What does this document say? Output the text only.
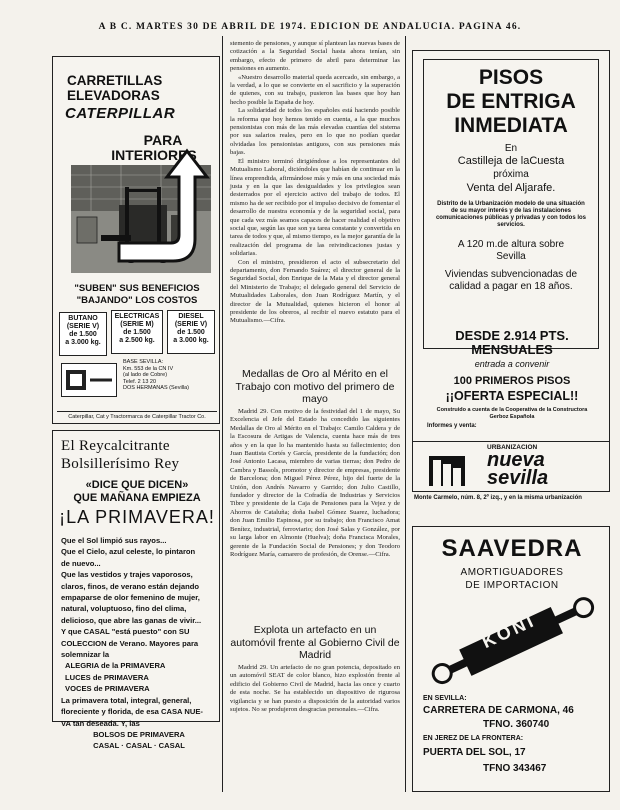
A B C. MARTES 30 DE ABRIL DE 1974. EDICION DE ANDALUCIA. PAGINA 46.
CARRETILLAS
ELEVADORAS
CATERPILLAR
PARA
INTERIORES
"SUBEN" SUS BENEFICIOS
"BAJANDO" LOS COSTOS
BUTANO
(SERIE V)
de 1.500
a 3.000 kg.
ELECTRICAS
(SERIE M)
de 1.500
a 2.500 kg.
DIESEL
(SERIE V)
de 1.500
a 3.000 kg.
BASE SEVILLA:
Km. 553 de la CN IV
(al lado de Cobre)
Telef. 2 13 20
DOS HERMANAS (Sevilla)
Caterpillar, Cat y Tractormarca de Caterpillar Tractor Co.
El Reycalcitrante
Bolsillerísimo Rey
«DICE QUE DICEN»
QUE MAÑANA EMPIEZA
¡LA PRIMAVERA!
Que el Sol limpió sus rayos...
Que el Cielo, azul celeste, lo pintaron
de nuevo...
Que las vestidos y trajes vaporosos,
claros, finos, de verano están dejando
empaparse de olor femenino de mujer,
natural, voluptuoso, fino del clima,
delicioso, que abre las ganas de vivir...
Y que CASAL "está puesto" con SU
COLECCION de Verano. Mayores para
solemnizar la
ALEGRIA de la PRIMAVERA
LUCES de PRIMAVERA
VOCES de PRIMAVERA
La primavera total, integral, general,
floreciente y florida, de esa CASA NUE-
VA tan deseada. Y, las
BOLSOS DE PRIMAVERA
CASAL · CASAL · CASAL

stemento de pensiones, y aunque sí plantean las nuevas bases de cotización a la Seguridad Social hasta ahora tenían, sin embargo, efecto de primero de abril para determinar las pensiones en aumento.

«Nuestro desarrollo material queda acercado, sin embargo, a la verdad, a lo que se convierte en el sacrificio y la superación de quienes, con su trabajo, pusieron las bases que hoy han hecho posible la España de hoy.

La solidaridad de todos los españoles está haciendo posible la reforma que hoy hemos tenido en cuenta, a la que muchos pensionistas con más de las más elevadas cuantías del sistema por sus salarios reales, pero en lo que no podían quedar olvidadas los pensionistas antiguos, con sus pensiones más bajas.

El ministro terminó dirigiéndose a los representantes del Mutualismo Laboral, diciéndoles que habían de continuar en la línea emprendida, afirmándose más y más en una sociedad más justa y en la que las desigualdades y los privilegios sean desterrados por el ejercicio activo del trabajo de todos. El mismo ha de ser recibido por el impulso decisivo de fomentar el desarrollo de nuestra economía y de la seguridad social, para que cada vez más seamos capaces de hacer realidad el objetivo social que, según las que son ya tarea constante y convertida en tarea de todos y que, al mismo tiempo, es la mejor garantía de la realización del programa de las reivindicaciones justas y solidarias.

Con el ministro, presidieron el acto el subsecretario del departamento, don Fernando Suárez; el director general de la Seguridad Social, don Enrique de la Mata y el director general del Ministerio de Trabajo; el delegado general del Servicio de Mutualidades Laborales, don Juan Rodríguez Martín, y el director de la Mutualidad, quienes hicieron el honor al presidente de los obreros, al recibir el nuevo estatuto para el Mutualismo.—Cifra.

Medallas de Oro al Mérito en el Trabajo con motivo del primero de mayo

Madrid 29. Con motivo de la festividad del 1 de mayo, Su Excelencia el Jefe del Estado ha concedido las siguientes Medallas de Oro al Mérito en el Trabajo: Camilo Caldera y de la Escosura de Artigas de Valencia, cuenta hace más de tres años y en la que lo ha mantenido hasta su fallecimiento; don Juan Bautista Cortés y García, presidente de la fundación; don José Antonio Lacasa, miembro de varias tierras; don Pedro de Cambra y Bassols, promotor y director de empresas, presidente de Barcelona; don Miguel Pérez Pérez, hijo del fuerte de la Unión, don Andrés Navarro y Garrido; don Julio Castillo, fundador y director de la Cofradía de Industrias y Servicios Tibre y presidente de la Caja de Pensiones para la Vejez y de Ahorros de Cataluña; doña Isabel Gómez Suarez, luchadora; don Juan Emilio Espinosa, por su trabajo; don Francisco Amat Benítez, industrial, ferroviario; don José Salas y González, por su larga labor en Almonte (Huelva); doña Francisca Morales, gerente de la Fundación Social de Pensiones; y don Teodoro Rodríguez María, camarero de profesión, de Orense.—Cifra.

Explota un artefacto en un automóvil frente al Gobierno Civil de Madrid

Madrid 29. Un artefacto de no gran potencia, depositado en un automóvil SEAT de color blanco, hizo explosión frente al edificio del Gobierno Civil de Madrid, hacia las once y cuarto de esta noche. Se ha establecido un dispositivo de rigurosa vigilancia y se han puesto a disposición de la autoridad varios sujetos. No se produjeron desgracias personales.—Cifra.

PISOS
DE ENTRIGA
INMEDIATA
En
Castilleja de laCuesta
próxima
Venta del Aljarafe.
Distrito de la Urbanización modelo de una situación de su mayor interés y de las instalaciones comunicaciones públicas y privadas y con todos los servicios.
A 120 m.de altura sobre Sevilla
Viviendas subvencionadas de calidad a pagar en 18 años.
DESDE 2.914 PTS. MENSUALES
entrada a convenir
100 PRIMEROS PISOS
¡¡OFERTA ESPECIAL!!
Construido a cuenta de la Cooperativa de la Constructora Gerboz Española
Informes y venta:
URBANIZACION
nueva
sevilla
Monte Carmelo, núm. 8, 2º izq., y en la misma urbanización
SAAVEDRA
AMORTIGUADORES
DE IMPORTACION
KONI
EN SEVILLA:
CARRETERA DE CARMONA, 46
TFNO. 360740
EN JEREZ DE LA FRONTERA:
PUERTA DEL SOL, 17
TFNO 343467
